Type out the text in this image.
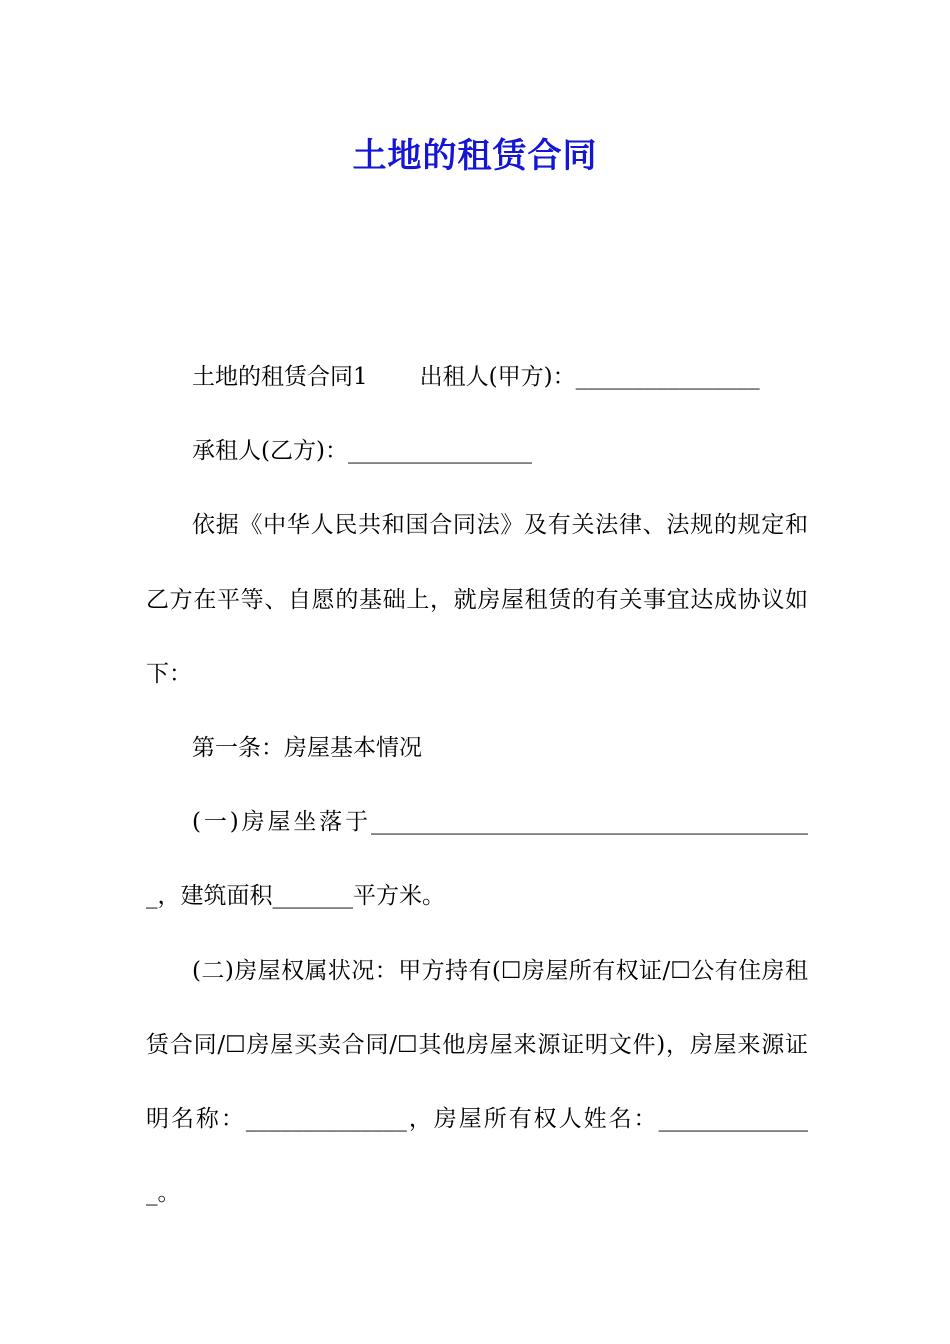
土地的租赁合同

土地的租赁合同1 出租人(甲方)：________________

承租人(乙方)：________________

依据《中华人民共和国合同法》及有关法律、法规的规定和乙方在平等、自愿的基础上，就房屋租赁的有关事宜达成协议如下：

第一条：房屋基本情况

(一)房屋坐落于_______________________________________，建筑面积_______平方米。

(二)房屋权属状况：甲方持有(☐房屋所有权证/☐公有住房租赁合同/☐房屋买卖合同/☐其他房屋来源证明文件)，房屋来源证明名称：______________，房屋所有权人姓名：______________。
